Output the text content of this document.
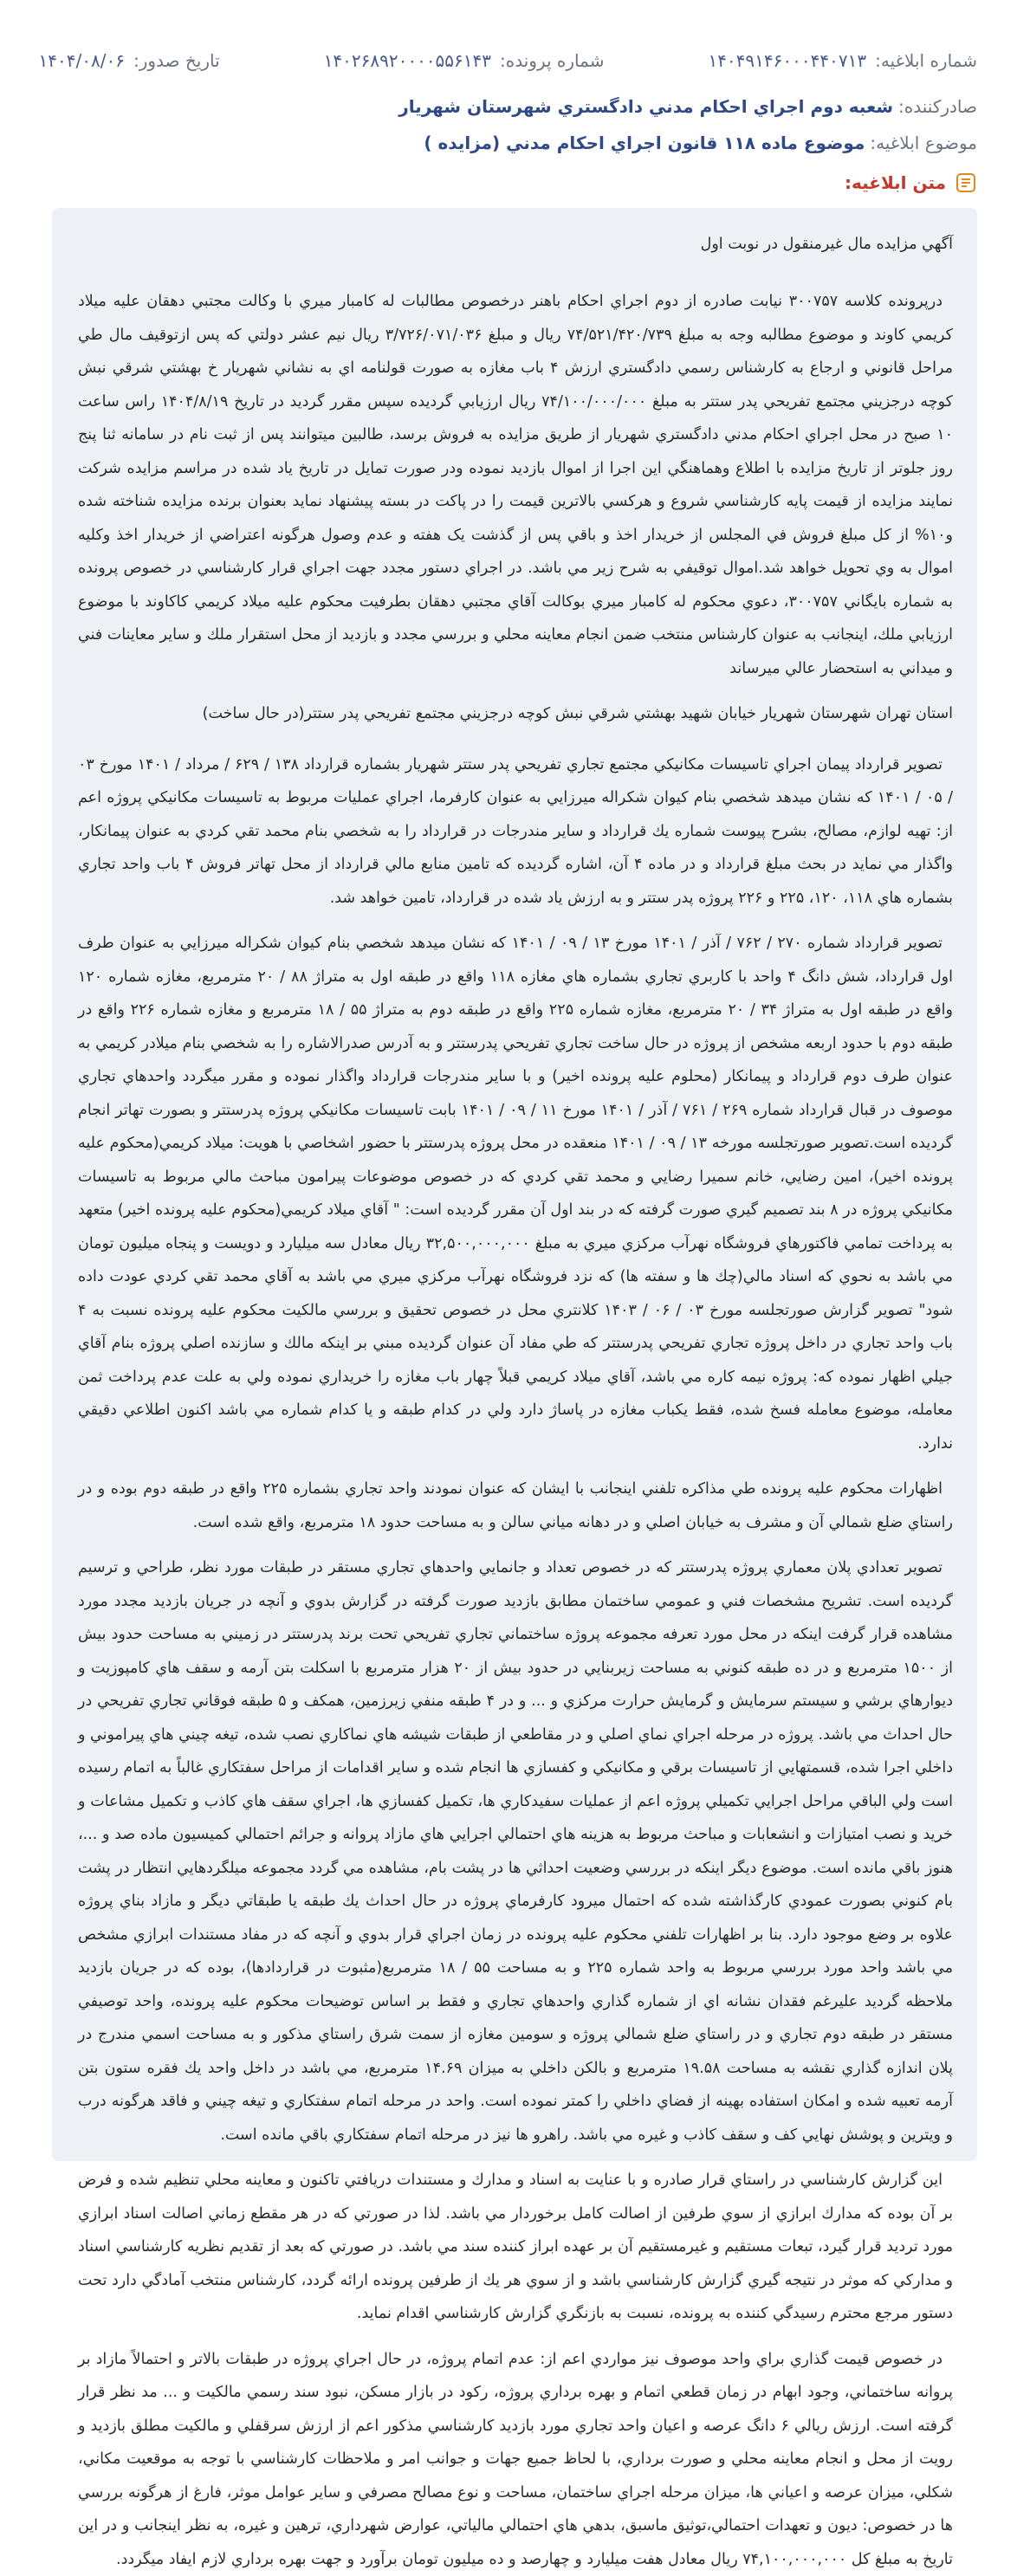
شماره ابلاغيه:
۱۴۰۴۹۱۴۶۰۰۰۴۴۰۷۱۳
شماره پرونده:
۱۴۰۲۶۸۹۲۰۰۰۰۵۵۶۱۴۳
تاريخ صدور:
۱۴۰۴/۰۸/۰۶
صادرکننده:
شعبه دوم اجراي احكام مدني دادگستري شهرستان شهريار
موضوع ابلاغيه:
موضوع ماده ۱۱۸ قانون اجراي احكام مدني (مزايده )
متن ابلاغيه:
آگهي مزايده مال غيرمنقول در نوبت اول

درپرونده كلاسه ۳۰۰۷۵۷ نيابت صادره از دوم اجراي احكام باهنر درخصوص مطالبات له كامبار ميري با وكالت مجتبي دهقان عليه ميلاد كريمي كاوند و موضوع مطالبه وجه به مبلغ ۷۴/۵۲۱/۴۲۰/۷۳۹ ريال و مبلغ ۳/۷۲۶/۰۷۱/۰۳۶ ريال نيم عشر دولتي كه پس ازتوقيف مال طي مراحل قانوني و ارجاع به كارشناس رسمي دادگستري ارزش ۴ باب مغازه به صورت قولنامه اي به نشاني شهريار خ بهشتي شرقي نبش كوچه درجزيني مجتمع تفريحي پدر ستتر به مبلغ ۷۴/۱۰۰/۰۰۰/۰۰۰ ريال ارزيابي گرديده سپس مقرر گرديد در تاريخ ۱۴۰۴/۸/۱۹ راس ساعت ۱۰ صبح در محل اجراي احكام مدني دادگستري شهريار از طريق مزايده به فروش برسد، طالبين ميتوانند پس از ثبت نام در سامانه ثنا پنج روز جلوتر از تاريخ مزايده با اطلاع وهماهنگي اين اجرا از اموال بازديد نموده ودر صورت تمايل در تاريخ ياد شده در مراسم مزايده شركت نمايند مزايده از قيمت پايه كارشناسي شروع و هركسي بالاترين قيمت را در پاكت در بسته پيشنهاد نمايد بعنوان برنده مزايده شناخته شده و۱۰% از كل مبلغ فروش في المجلس از خريدار اخذ و باقي پس از گذشت يک هفته و عدم وصول هرگونه اعتراضي از خريدار اخذ وكليه اموال به وي تحويل خواهد شد.اموال توقيفي به شرح زير مي باشد. در اجراي دستور مجدد جهت اجراي قرار كارشناسي در خصوص پرونده به شماره بايگاني ۳۰۰۷۵۷، دعوي محكوم له كامبار ميري بوكالت آقاي مجتبي دهقان بطرفيت محكوم عليه ميلاد كريمي كاكاوند با موضوع ارزيابي ملك، اينجانب به عنوان كارشناس منتخب ضمن انجام معاينه محلي و بررسي مجدد و بازديد از محل استقرار ملك و ساير معاينات فني و ميداني به استحضار عالي ميرساند

استان تهران شهرستان شهريار خيابان شهيد بهشتي شرقي نبش كوچه درجزيني مجتمع تفريحي پدر ستتر(در حال ساخت)

تصوير قرارداد پيمان اجراي تاسيسات مكانيكي مجتمع تجاري تفريحي پدر ستتر شهريار بشماره قرارداد ۱۳۸ / ۶۲۹ / مرداد / ۱۴۰۱ مورخ ۰۳ / ۰۵ / ۱۴۰۱ كه نشان ميدهد شخصي بنام كيوان شكراله ميرزايي به عنوان كارفرما، اجراي عمليات مربوط به تاسيسات مكانيكي پروژه اعم از: تهيه لوازم، مصالح، بشرح پيوست شماره يك قرارداد و ساير مندرجات در قرارداد را به شخصي بنام محمد تقي كردي به عنوان پيمانكار، واگذار مي نمايد در بحث مبلغ قرارداد و در ماده ۴ آن، اشاره گرديده كه تامين منابع مالي قرارداد از محل تهاتر فروش ۴ باب واحد تجاري بشماره هاي ۱۱۸، ۱۲۰، ۲۲۵ و ۲۲۶ پروژه پدر ستتر و به ارزش ياد شده در قرارداد، تامين خواهد شد.

تصوير قرارداد شماره ۲۷۰ / ۷۶۲ / آذر / ۱۴۰۱ مورخ ۱۳ / ۰۹ / ۱۴۰۱ كه نشان ميدهد شخصي بنام كيوان شكراله ميرزايي به عنوان طرف اول قرارداد، شش دانگ ۴ واحد با كاربري تجاري بشماره هاي مغازه ۱۱۸ واقع در طبقه اول به متراژ ۸۸ / ۲۰ مترمربع، مغازه شماره ۱۲۰ واقع در طبقه اول به متراژ ۳۴ / ۲۰ مترمربع، مغازه شماره ۲۲۵ واقع در طبقه دوم به متراژ ۵۵ / ۱۸ مترمربع و مغازه شماره ۲۲۶ واقع در طبقه دوم با حدود اربعه مشخص از پروژه در حال ساخت تجاري تفريحي پدرستتر و به آدرس صدرالاشاره را به شخصي بنام ميلادر كريمي به عنوان طرف دوم قرارداد و پيمانكار (محلوم عليه پرونده اخير) و با ساير مندرجات قرارداد واگذار نموده و مقرر ميگردد واحدهاي تجاري موصوف در قبال قرارداد شماره ۲۶۹ / ۷۶۱ / آذر / ۱۴۰۱ مورخ ۱۱ / ۰۹ / ۱۴۰۱ بابت تاسيسات مكانيكي پروژه پدرستتر و بصورت تهاتر انجام گرديده است.تصوير صورتجلسه مورخه ۱۳ / ۰۹ / ۱۴۰۱ منعقده در محل پروژه پدرستتر با حضور اشخاصي با هويت: ميلاد كريمي(محكوم عليه پرونده اخير)، امين رضايي، خانم سميرا رضايي و محمد تقي كردي كه در خصوص موضوعات پيرامون مباحث مالي مربوط به تاسيسات مكانيكي پروژه در ۸ بند تصميم گيري صورت گرفته كه در بند اول آن مقرر گرديده است: " آقاي ميلاد كريمي(محكوم عليه پرونده اخير) متعهد به پرداخت تمامي فاكتورهاي فروشگاه نهرآب مركزي ميري به مبلغ ۳۲,۵۰۰,۰۰۰,۰۰۰ ريال معادل سه ميليارد و دويست و پنجاه ميليون تومان مي باشد به نحوي كه اسناد مالي(چك ها و سفته ها) كه نزد فروشگاه نهرآب مركزي ميري مي باشد به آقاي محمد تقي كردي عودت داده شود" تصوير گزارش صورتجلسه مورخ ۰۳ / ۰۶ / ۱۴۰۳ كلانتري محل در خصوص تحقيق و بررسي مالكيت محكوم عليه پرونده نسبت به ۴ باب واحد تجاري در داخل پروژه تجاري تفريحي پدرستتر كه طي مفاد آن عنوان گرديده مبني بر اينكه مالك و سازنده اصلي پروژه بنام آقاي جيلي اظهار نموده كه: پروژه نيمه كاره مي باشد، آقاي ميلاد كريمي قبلاً چهار باب مغازه را خريداري نموده ولي به علت عدم پرداخت ثمن معامله، موضوع معامله فسخ شده، فقط يكباب مغازه در پاساژ دارد ولي در كدام طبقه و يا كدام شماره مي باشد اكنون اطلاعي دقيقي ندارد.

اظهارات محكوم عليه پرونده طي مذاكره تلفني اينجانب با ايشان كه عنوان نمودند واحد تجاري بشماره ۲۲۵ واقع در طبقه دوم بوده و در راستاي ضلع شمالي آن و مشرف به خيابان اصلي و در دهانه مياني سالن و به مساحت حدود ۱۸ مترمربع، واقع شده است.

تصوير تعدادي پلان معماري پروژه پدرستتر كه در خصوص تعداد و جانمايي واحدهاي تجاري مستقر در طبقات مورد نظر، طراحي و ترسيم گرديده است. تشريح مشخصات فني و عمومي ساختمان مطابق بازديد صورت گرفته در گزارش بدوي و آنچه در جريان بازديد مجدد مورد مشاهده قرار گرفت اينكه در محل مورد تعرفه مجموعه پروژه ساختماني تجاري تفريحي تحت برند پدرستتر در زميني به مساحت حدود بيش از ۱۵۰۰ مترمربع و در ده طبقه كنوني به مساحت زيربنايي در حدود بيش از ۲۰ هزار مترمربع با اسكلت بتن آرمه و سقف هاي كامپوزيت و ديوارهاي برشي و سيستم سرمايش و گرمايش حرارت مركزي و ... و در ۴ طبقه منفي زيرزمين، همكف و ۵ طبقه فوقاني تجاري تفريحي در حال احداث مي باشد. پروژه در مرحله اجراي نماي اصلي و در مقاطعي از طبقات شيشه هاي نماكاري نصب شده، تيغه چيني هاي پيراموني و داخلي اجرا شده، قسمتهايي از تاسيسات برقي و مكانيكي و كفسازي ها انجام شده و ساير اقدامات از مراحل سفتكاري غالباً به اتمام رسيده است ولي الباقي مراحل اجرايي تكميلي پروژه اعم از عمليات سفيدكاري ها، تكميل كفسازي ها، اجراي سقف هاي كاذب و تكميل مشاعات و خريد و نصب امتيازات و انشعابات و مباحث مربوط به هزينه هاي احتمالي اجرايي هاي مازاد پروانه و جرائم احتمالي كميسيون ماده صد و ...، هنوز باقي مانده است. موضوع ديگر اينكه در بررسي وضعيت احداثي ها در پشت بام، مشاهده مي گردد مجموعه ميلگردهايي انتظار در پشت بام كنوني بصورت عمودي كارگذاشته شده كه احتمال ميرود كارفرماي پروژه در حال احداث يك طبقه يا طبقاتي ديگر و مازاد بناي پروژه علاوه بر وضع موجود دارد. بنا بر اظهارات تلفني محكوم عليه پرونده در زمان اجراي قرار بدوي و آنچه كه در مفاد مستندات ابرازي مشخص مي باشد واحد مورد بررسي مربوط به واحد شماره ۲۲۵ و به مساحت ۵۵ / ۱۸ مترمربع(مثبوت در قراردادها)، بوده كه در جريان بازديد ملاحظه گرديد عليرغم فقدان نشانه اي از شماره گذاري واحدهاي تجاري و فقط بر اساس توضيحات محكوم عليه پرونده، واحد توصيفي مستقر در طبقه دوم تجاري و در راستاي ضلع شمالي پروژه و سومين مغازه از سمت شرق راستاي مذكور و به مساحت اسمي مندرج در پلان اندازه گذاري نقشه به مساحت ۱۹.۵۸ مترمربع و بالكن داخلي به ميزان ۱۴.۶۹ مترمربع، مي باشد در داخل واحد يك فقره ستون بتن آرمه تعبيه شده و امكان استفاده بهينه از فضاي داخلي را كمتر نموده است. واحد در مرحله اتمام سفتكاري و تيغه چيني و فاقد هرگونه درب و ويترين و پوشش نهايي كف و سقف كاذب و غيره مي باشد. راهرو ها نيز در مرحله اتمام سفتكاري باقي مانده است.

اين گزارش كارشناسي در راستاي قرار صادره و با عنايت به اسناد و مدارك و مستندات دريافتي تاكنون و معاينه محلي تنظيم شده و فرض بر آن بوده كه مدارك ابرازي از سوي طرفين از اصالت كامل برخوردار مي باشد. لذا در صورتي كه در هر مقطع زماني اصالت اسناد ابرازي مورد ترديد قرار گيرد، تبعات مستقيم و غيرمستقيم آن بر عهده ابراز كننده سند مي باشد. در صورتي كه بعد از تقديم نظريه كارشناسي اسناد و مداركي كه موثر در نتيجه گيري گزارش كارشناسي باشد و از سوي هر يك از طرفين پرونده ارائه گردد، كارشناس منتخب آمادگي دارد تحت دستور مرجع محترم رسيدگي كننده به پرونده، نسبت به بازنگري گزارش كارشناسي اقدام نمايد.

در خصوص قيمت گذاري براي واحد موصوف نيز مواردي اعم از: عدم اتمام پروژه، در حال اجراي پروژه در طبقات بالاتر و احتمالاً مازاد بر پروانه ساختماني، وجود ابهام در زمان قطعي اتمام و بهره برداري پروژه، ركود در بازار مسكن، نبود سند رسمي مالكيت و ... مد نظر قرار گرفته است. ارزش ريالي ۶ دانگ عرصه و اعيان واحد تجاري مورد بازديد كارشناسي مذكور اعم از ارزش سرقفلي و مالكيت مطلق بازديد و رويت از محل و انجام معاينه محلي و صورت برداري، با لحاظ جميع جهات و جوانب امر و ملاحظات كارشناسي با توجه به موقعيت مكاني، شكلي، ميزان عرصه و اعياني ها، ميزان مرحله اجراي ساختمان، مساحت و نوع مصالح مصرفي و ساير عوامل موثر، فارغ از هرگونه بررسي ها در خصوص: ديون و تعهدات احتمالي،توثيق ماسبق، بدهي هاي احتمالي مالياتي، عوارض شهرداري، ترهين و غيره، به نظر اينجانب و در اين تاريخ به مبلغ كل ۷۴,۱۰۰,۰۰۰,۰۰۰ ريال معادل هفت ميليارد و چهارصد و ده ميليون تومان برآورد و جهت بهره برداري لازم ايفاد ميگردد.
